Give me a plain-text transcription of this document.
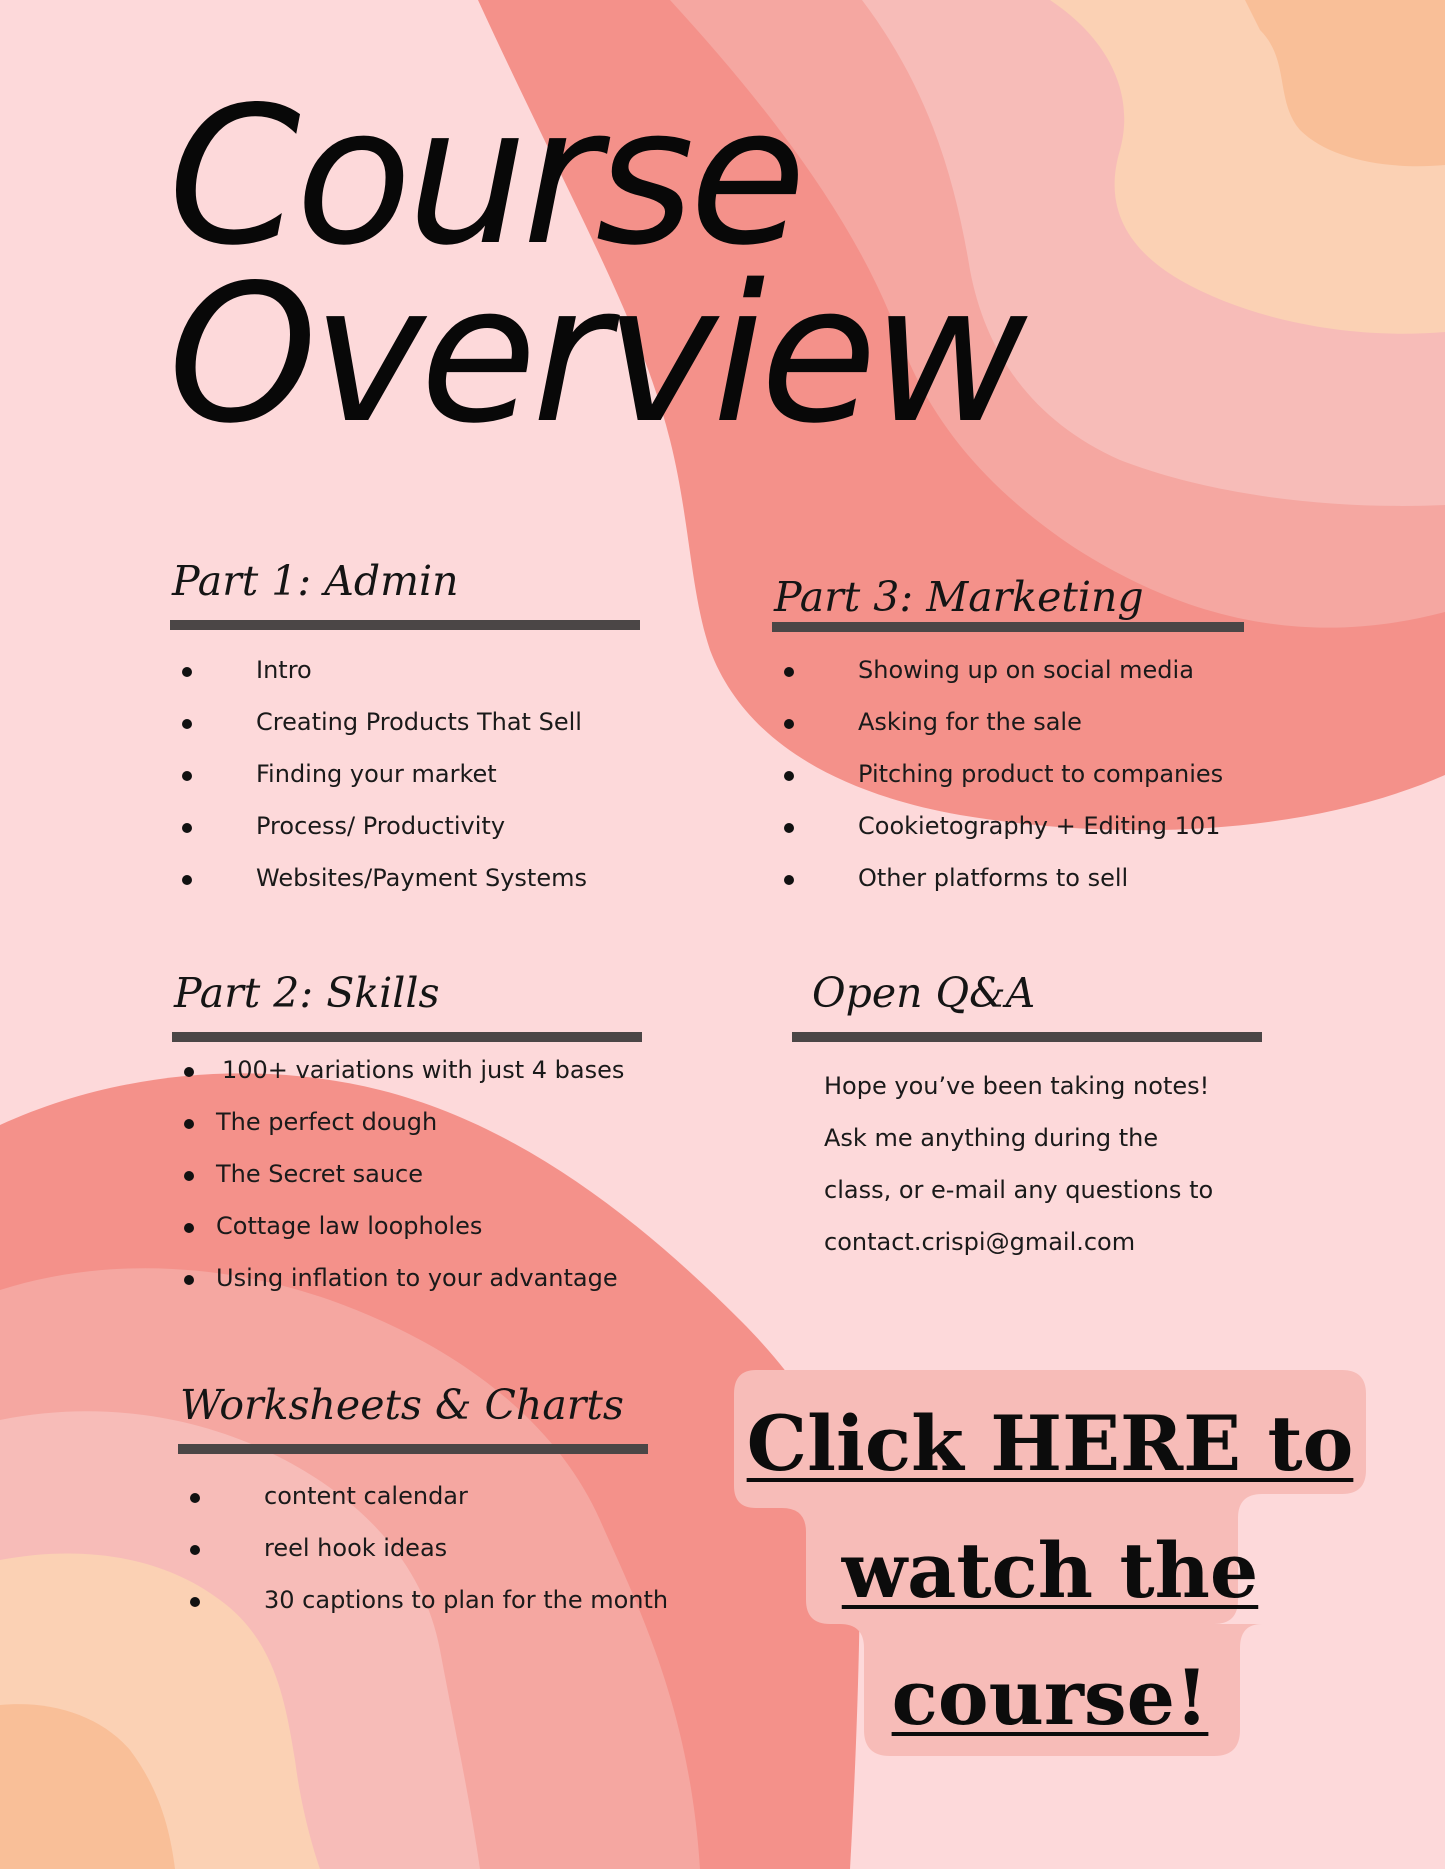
Course
Overview
Part 1: Admin
Intro
Creating Products That Sell
Finding your market
Process/ Productivity
Websites/Payment Systems
Part 3: Marketing
Showing up on social media
Asking for the sale
Pitching product to companies
Cookietography + Editing 101
Other platforms to sell
Part 2: Skills
100+ variations with just 4 bases
The perfect dough
The Secret sauce
Cottage law loopholes
Using inflation to your advantage
Open Q&A

Hope you’ve been taking notes!
Ask me anything during the
class, or e-mail any questions to
contact.crispi@gmail.com

Worksheets & Charts
content calendar
reel hook ideas
30 captions to plan for the month
Click HERE to
watch the
course!
